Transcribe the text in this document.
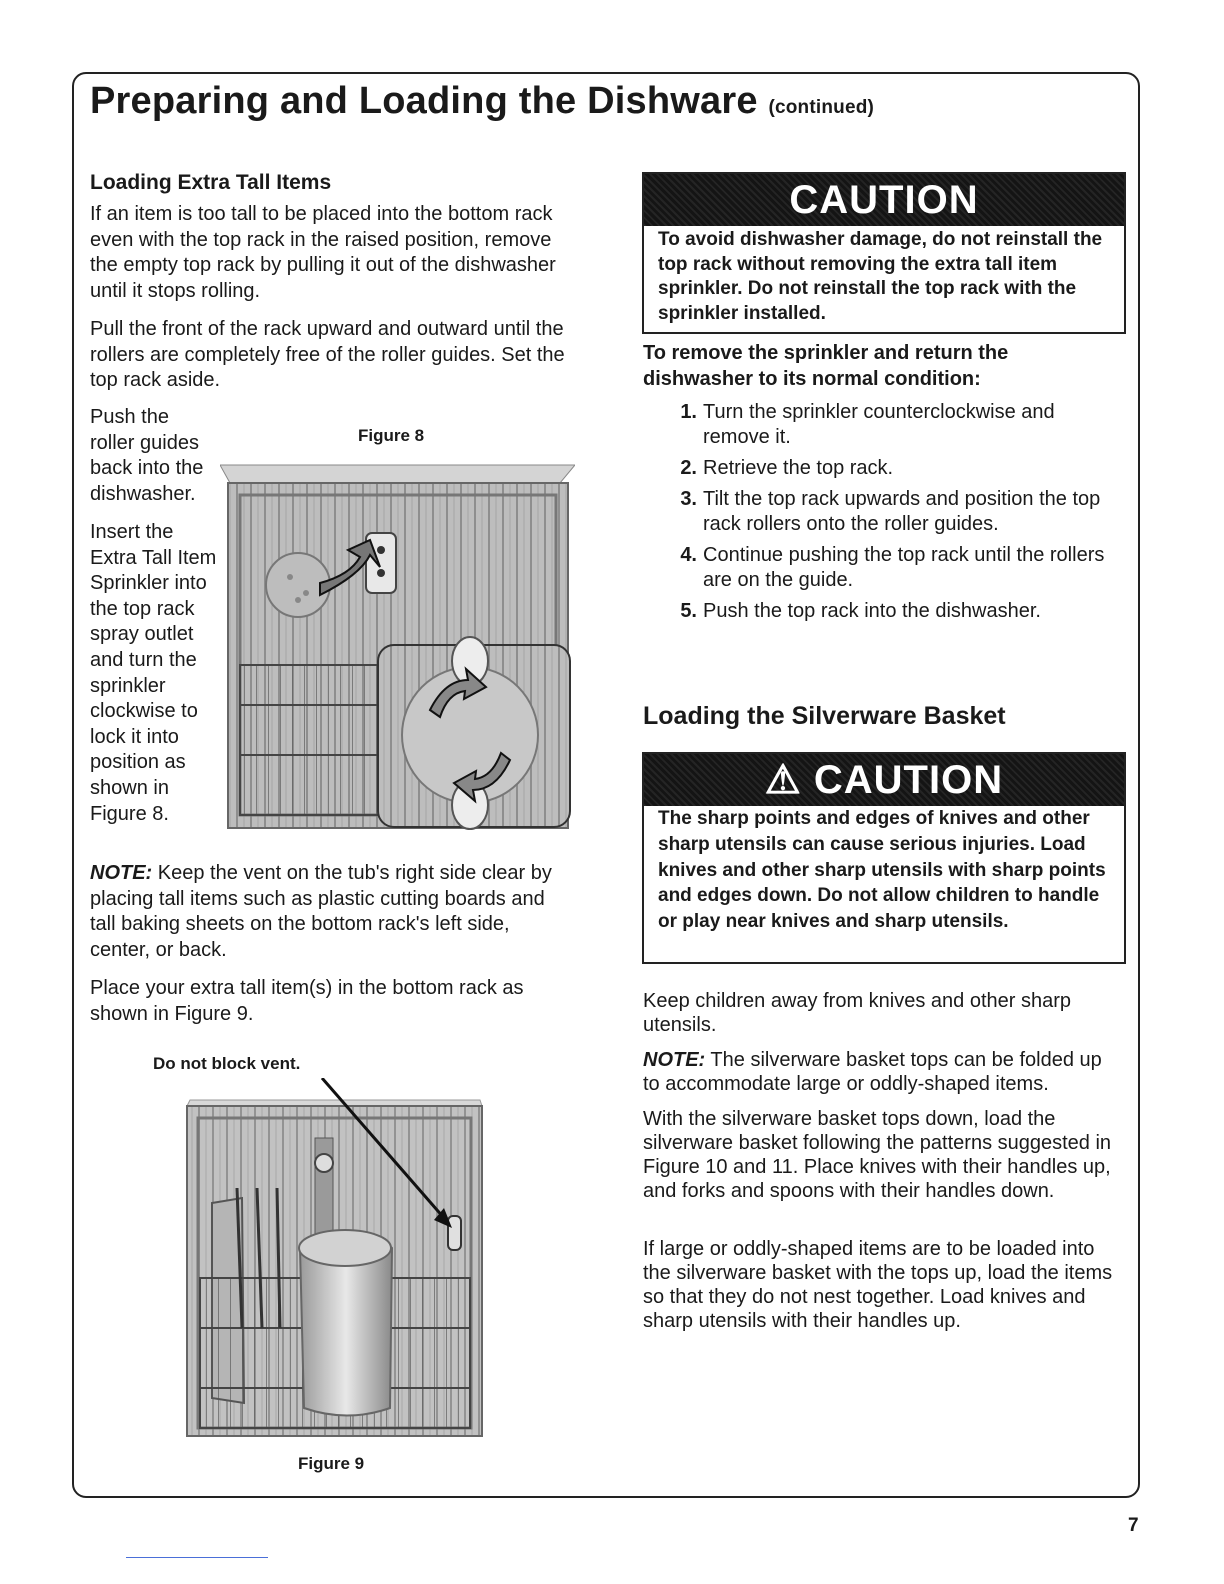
Preparing and Loading the Dishware (continued)
Loading Extra Tall Items

If an item is too tall to be placed into the bottom rack even with the top rack in the raised position, remove the empty top rack by pulling it out of the dishwasher until it stops rolling.

Pull the front of the rack upward and outward until the rollers are completely free of the roller guides. Set the top rack aside.

Push the roller guides back into the dishwasher.

Insert the Extra Tall Item Sprinkler into the top rack spray outlet and turn the sprinkler clockwise to lock it into position as shown in Figure 8.

Figure 8

NOTE: Keep the vent on the tub's right side clear by placing tall items such as plastic cutting boards and tall baking sheets on the bottom rack's left side, center, or back.

Place your extra tall item(s) in the bottom rack as shown in Figure 9.

Do not block vent.

Figure 9

CAUTION
To avoid dishwasher damage, do not reinstall the top rack without removing the extra tall item sprinkler. Do not reinstall the top rack with the sprinkler installed.

To remove the sprinkler and return the dishwasher to its normal condition:

1. Turn the sprinkler counterclockwise and remove it.
2. Retrieve the top rack.
3. Tilt the top rack upwards and position the top rack rollers onto the roller guides.
4. Continue pushing the top rack until the rollers are on the guide.
5. Push the top rack into the dishwasher.
Loading the Silverware Basket
⚠ CAUTION
The sharp points and edges of knives and other sharp utensils can cause serious injuries. Load knives and other sharp utensils with sharp points and edges down. Do not allow children to handle or play near knives and sharp utensils.

Keep children away from knives and other sharp utensils.

NOTE: The silverware basket tops can be folded up to accommodate large or oddly-shaped items.

With the silverware basket tops down, load the silverware basket following the patterns suggested in Figure 10 and 11. Place knives with their handles up, and forks and spoons with their handles down.

If large or oddly-shaped items are to be loaded into the silverware basket with the tops up, load the items so that they do not nest together. Load knives and sharp utensils with their handles up.

7
